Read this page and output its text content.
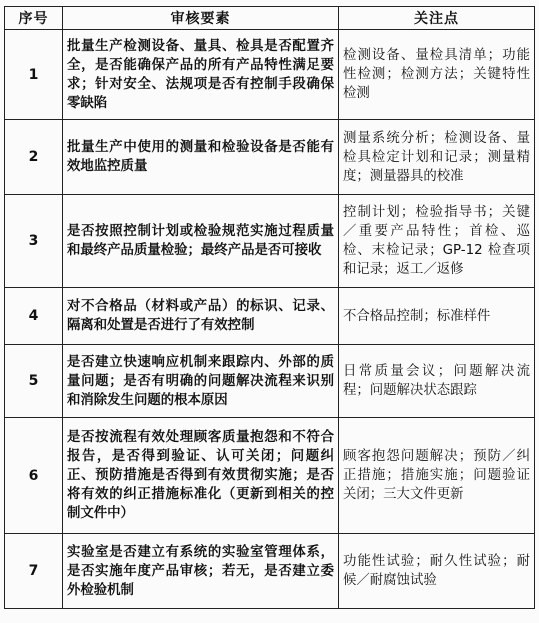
序号	审核要素	关注点
1	批量生产检测设备、量具、检具是否配置齐全，是否能确保产品的所有产品特性满足要求；针对安全、法规项是否有控制手段确保零缺陷	检测设备、量检具清单；功能性检测；检测方法；关键特性检测
2	批量生产中使用的测量和检验设备是否能有效地监控质量	测量系统分析；检测设备、量检具检定计划和记录；测量精度；测量器具的校准
3	是否按照控制计划或检验规范实施过程质量和最终产品质量检验；最终产品是否可接收	控制计划；检验指导书；关键／重要产品特性；首检、巡检、末检记录；GP-12 检查项和记录；返工／返修
4	对不合格品（材料或产品）的标识、记录、隔离和处置是否进行了有效控制	不合格品控制；标准样件
5	是否建立快速响应机制来跟踪内、外部的质量问题；是否有明确的问题解决流程来识别和消除发生问题的根本原因	日常质量会议；问题解决流程；问题解决状态跟踪
6	是否按流程有效处理顾客质量抱怨和不符合报告，是否得到验证、认可关闭；问题纠正、预防措施是否得到有效贯彻实施；是否将有效的纠正措施标准化（更新到相关的控制文件中）	顾客抱怨问题解决；预防／纠正措施；措施实施；问题验证关闭；三大文件更新
7	实验室是否建立有系统的实验室管理体系，是否实施年度产品审核；若无，是否建立委外检验机制	功能性试验；耐久性试验；耐候／耐腐蚀试验
